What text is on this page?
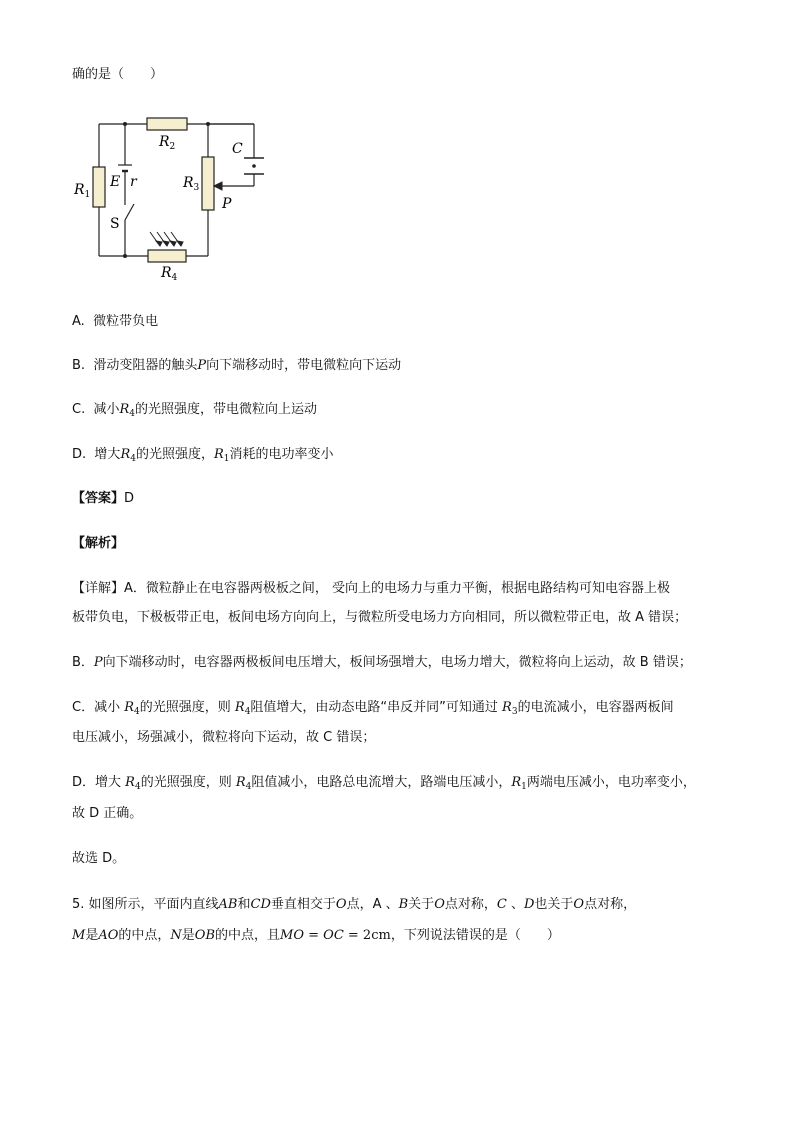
确的是（　　）
$R_1$
$R_2$
$R_3$
$R_4$
E r
C
P
S
A. 微粒带负电
B. 滑动变阻器的触头P向下端移动时，带电微粒向下运动
C. 减小$R_4$的光照强度，带电微粒向上运动
D. 增大$R_4$的光照强度，$R_1$消耗的电功率变小
【答案】D
【解析】
【详解】A．微粒静止在电容器两极板之间， 受向上的电场力与重力平衡，根据电路结构可知电容器上极
板带负电，下极板带正电，板间电场方向向上，与微粒所受电场力方向相同，所以微粒带正电，故 A 错误；
B．P向下端移动时，电容器两极板间电压增大，板间场强增大，电场力增大，微粒将向上运动，故 B 错误；
C．减小 $R_4$的光照强度，则 $R_4$阻值增大，由动态电路“串反并同”可知通过 $R_3$的电流减小，电容器两板间
电压减小，场强减小，微粒将向下运动，故 C 错误；
D．增大 $R_4$的光照强度，则 $R_4$阻值减小，电路总电流增大，路端电压减小，$R_1$两端电压减小，电功率变小，
故 D 正确。
故选 D。
5. 如图所示，平面内直线AB和CD垂直相交于O点，A 、B关于O点对称，C 、D也关于O点对称，
M是AO的中点，N是OB的中点，且MO = OC = 2cm，下列说法错误的是（　　）
